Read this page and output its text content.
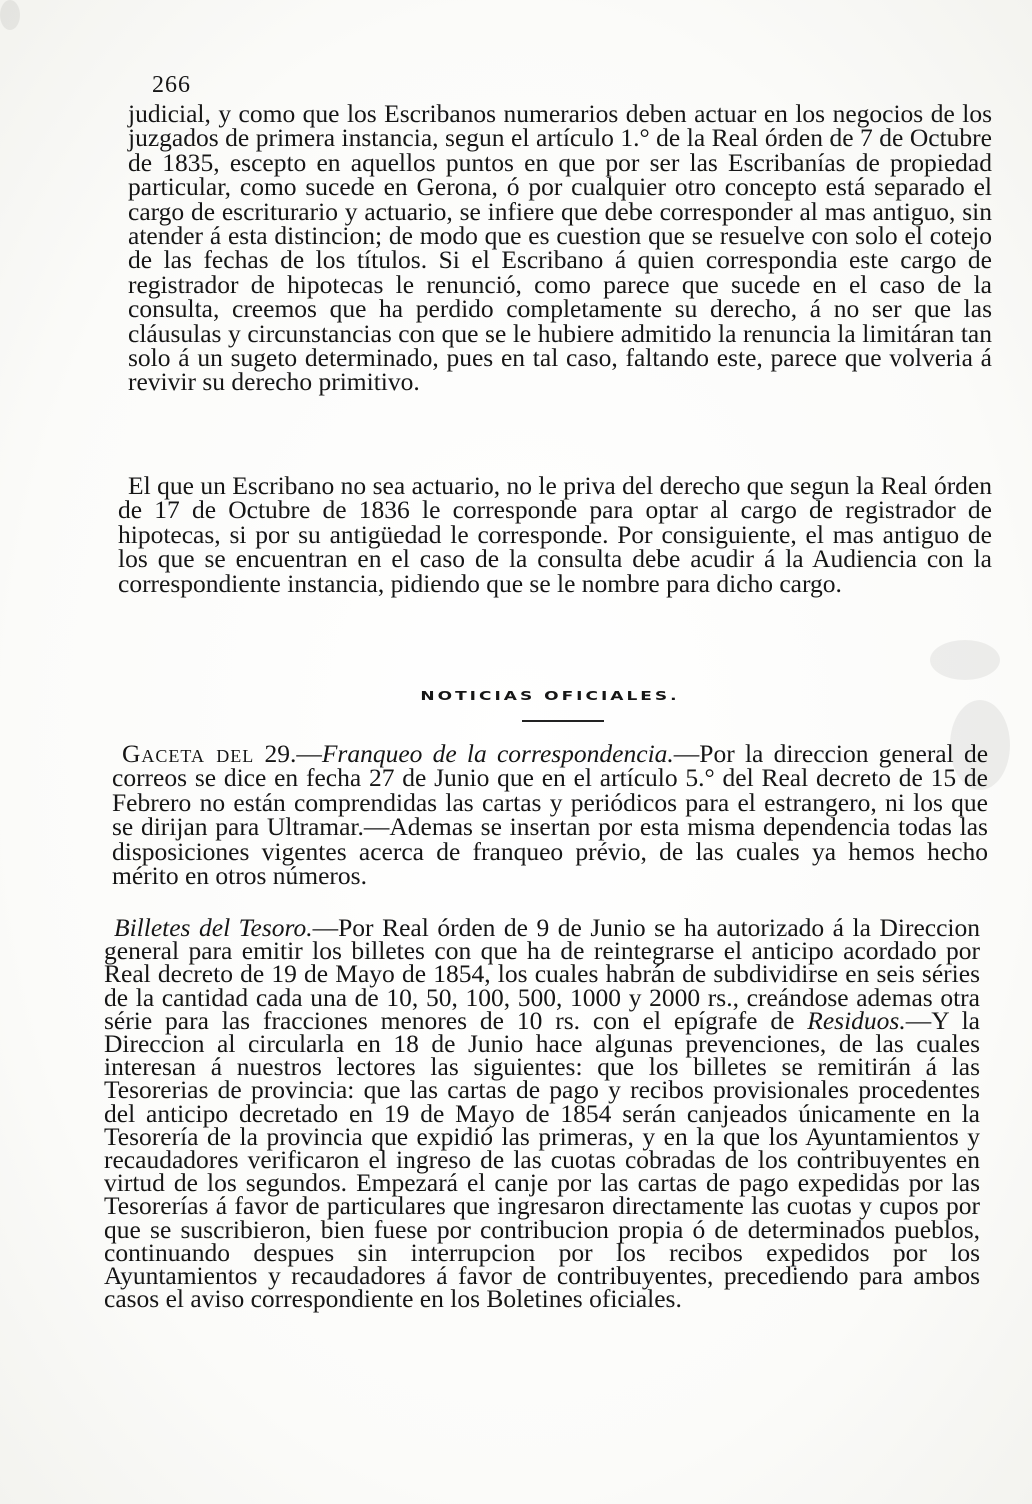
266

judicial, y como que los Escribanos numerarios deben actuar en los negocios de los juzgados de primera instancia, segun el artículo 1.° de la Real órden de 7 de Octubre de 1835, escepto en aquellos puntos en que por ser las Escribanías de propiedad particular, como sucede en Gerona, ó por cualquier otro concepto está separado el cargo de escriturario y actuario, se infiere que debe corresponder al mas antiguo, sin atender á esta distincion; de modo que es cuestion que se resuelve con solo el cotejo de las fechas de los títulos. Si el Escribano á quien correspondia este cargo de registrador de hipotecas le renunció, como parece que sucede en el caso de la consulta, creemos que ha perdido completamente su derecho, á no ser que las cláusulas y circunstancias con que se le hubiere admitido la renuncia la limitáran tan solo á un sugeto determinado, pues en tal caso, faltando este, parece que volveria á revivir su derecho primitivo.

El que un Escribano no sea actuario, no le priva del derecho que segun la Real órden de 17 de Octubre de 1836 le corresponde para optar al cargo de registrador de hipotecas, si por su antigüedad le corresponde. Por consiguiente, el mas antiguo de los que se encuentran en el caso de la consulta debe acudir á la Audiencia con la correspondiente instancia, pidiendo que se le nombre para dicho cargo.

NOTICIAS OFICIALES.

Gaceta del 29.—Franqueo de la correspondencia.—Por la direccion general de correos se dice en fecha 27 de Junio que en el artículo 5.° del Real decreto de 15 de Febrero no están comprendidas las cartas y periódicos para el estrangero, ni los que se dirijan para Ultramar.—Ademas se insertan por esta misma dependencia todas las disposiciones vigentes acerca de franqueo prévio, de las cuales ya hemos hecho mérito en otros números.

Billetes del Tesoro.—Por Real órden de 9 de Junio se ha autorizado á la Direccion general para emitir los billetes con que ha de reintegrarse el anticipo acordado por Real decreto de 19 de Mayo de 1854, los cuales habrán de subdividirse en seis séries de la cantidad cada una de 10, 50, 100, 500, 1000 y 2000 rs., creándose ademas otra série para las fracciones menores de 10 rs. con el epígrafe de Residuos.—Y la Direccion al circularla en 18 de Junio hace algunas prevenciones, de las cuales interesan á nuestros lectores las siguientes: que los billetes se remitirán á las Tesorerias de provincia: que las cartas de pago y recibos provisionales procedentes del anticipo decretado en 19 de Mayo de 1854 serán canjeados únicamente en la Tesorería de la provincia que expidió las primeras, y en la que los Ayuntamientos y recaudadores verificaron el ingreso de las cuotas cobradas de los contribuyentes en virtud de los segundos. Empezará el canje por las cartas de pago expedidas por las Tesorerías á favor de particulares que ingresaron directamente las cuotas y cupos por que se suscribieron, bien fuese por contribucion propia ó de determinados pueblos, continuando despues sin interrupcion por los recibos expedidos por los Ayuntamientos y recaudadores á favor de contribuyentes, precediendo para ambos casos el aviso correspondiente en los Boletines oficiales.
